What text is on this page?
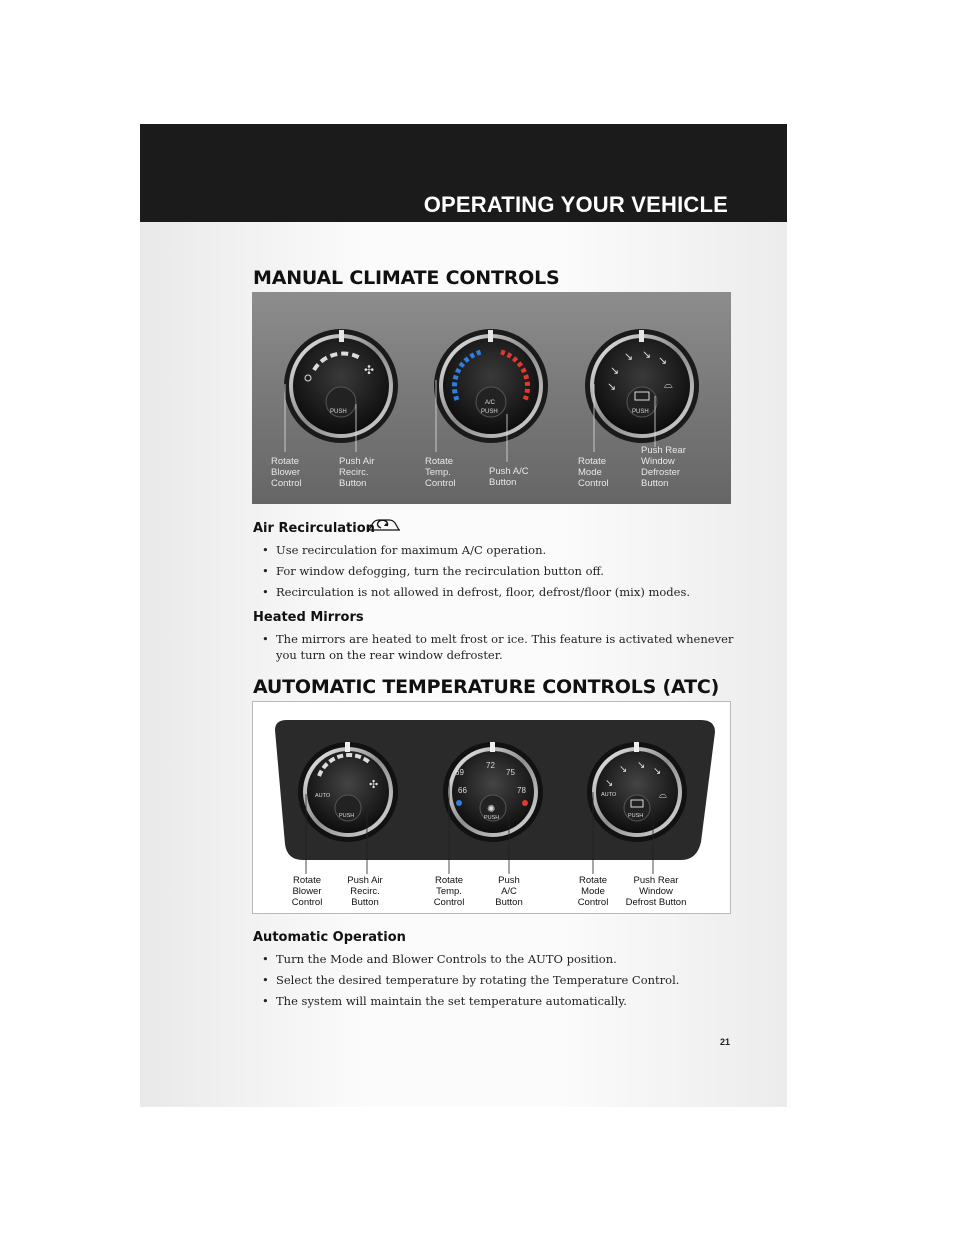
OPERATING YOUR VEHICLE
MANUAL CLIMATE CONTROLS
✣
PUSH
A/C
PUSH
↘
↘ ↘ ↘
↘	⌓
PUSH
Rotate
Blower
Control
Push Air
Recirc.
Button
Rotate
Temp.
Control
Push A/C
Button
Rotate
Mode
Control
Push Rear
Window
Defroster
Button
Air Recirculation
• Use recirculation for maximum A/C operation.
• For window defogging, turn the recirculation button off.
• Recirculation is not allowed in defrost, floor, defrost/floor (mix) modes.
Heated Mirrors
• The mirrors are heated to melt frost or ice. This feature is activated whenever you turn on the rear window defroster.
AUTOMATIC TEMPERATURE CONTROLS (ATC)
✣
AUTO
PUSH
✺
69
72
75
66	78
PUSH
↘
↘ ↘
↘
⌓
AUTO
PUSH
Rotate
Blower
Control
Push Air
Recirc.
Button
Rotate
Temp.
Control
Push
A/C
Button
Rotate
Mode
Control
Push Rear
Window
Defrost Button
Automatic Operation
• Turn the Mode and Blower Controls to the AUTO position.
• Select the desired temperature by rotating the Temperature Control.
• The system will maintain the set temperature automatically.
21
